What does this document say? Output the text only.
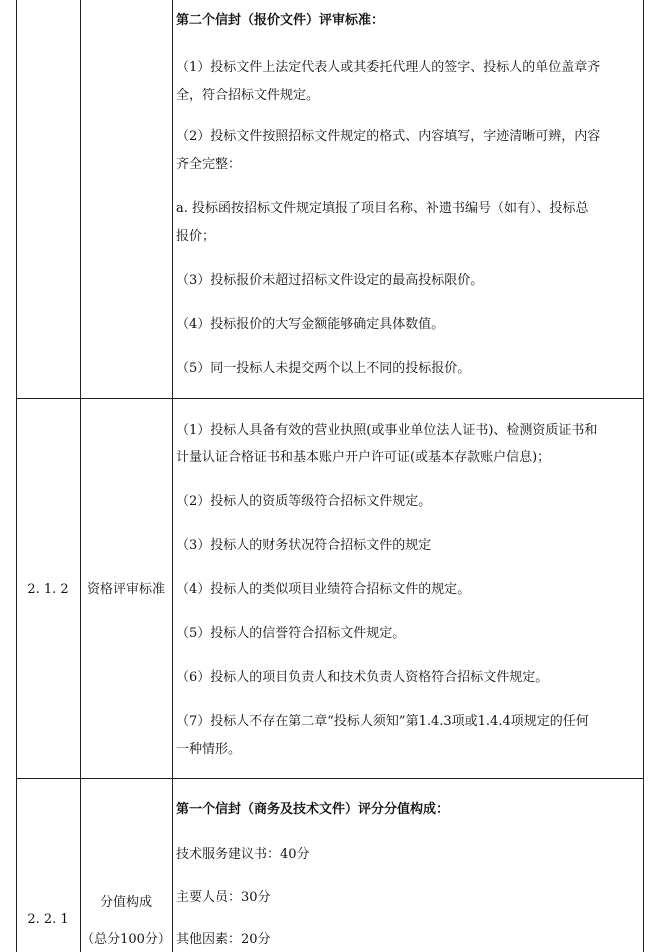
第二个信封（报价文件）评审标准：
（1）投标文件上法定代表人或其委托代理人的签字、投标人的单位盖章齐
全，符合招标文件规定。
（2）投标文件按照招标文件规定的格式、内容填写，字迹清晰可辨，内容
齐全完整：
a. 投标函按招标文件规定填报了项目名称、补遗书编号（如有）、投标总
报价；
（3）投标报价未超过招标文件设定的最高投标限价。
（4）投标报价的大写金额能够确定具体数值。
（5）同一投标人未提交两个以上不同的投标报价。
2. 1. 2	资格评审标准
（1）投标人具备有效的营业执照(或事业单位法人证书)、检测资质证书和
计量认证合格证书和基本账户开户许可证(或基本存款账户信息)；
（2）投标人的资质等级符合招标文件规定。
（3）投标人的财务状况符合招标文件的规定
（4）投标人的类似项目业绩符合招标文件的规定。
（5）投标人的信誉符合招标文件规定。
（6）投标人的项目负责人和技术负责人资格符合招标文件规定。
（7）投标人不存在第二章“投标人须知”第1.4.3项或1.4.4项规定的任何
一种情形。
2. 2. 1
分值构成
（总分100分）
第一个信封（商务及技术文件）评分分值构成：
技术服务建议书：40分
主要人员：30分
其他因素：20分
